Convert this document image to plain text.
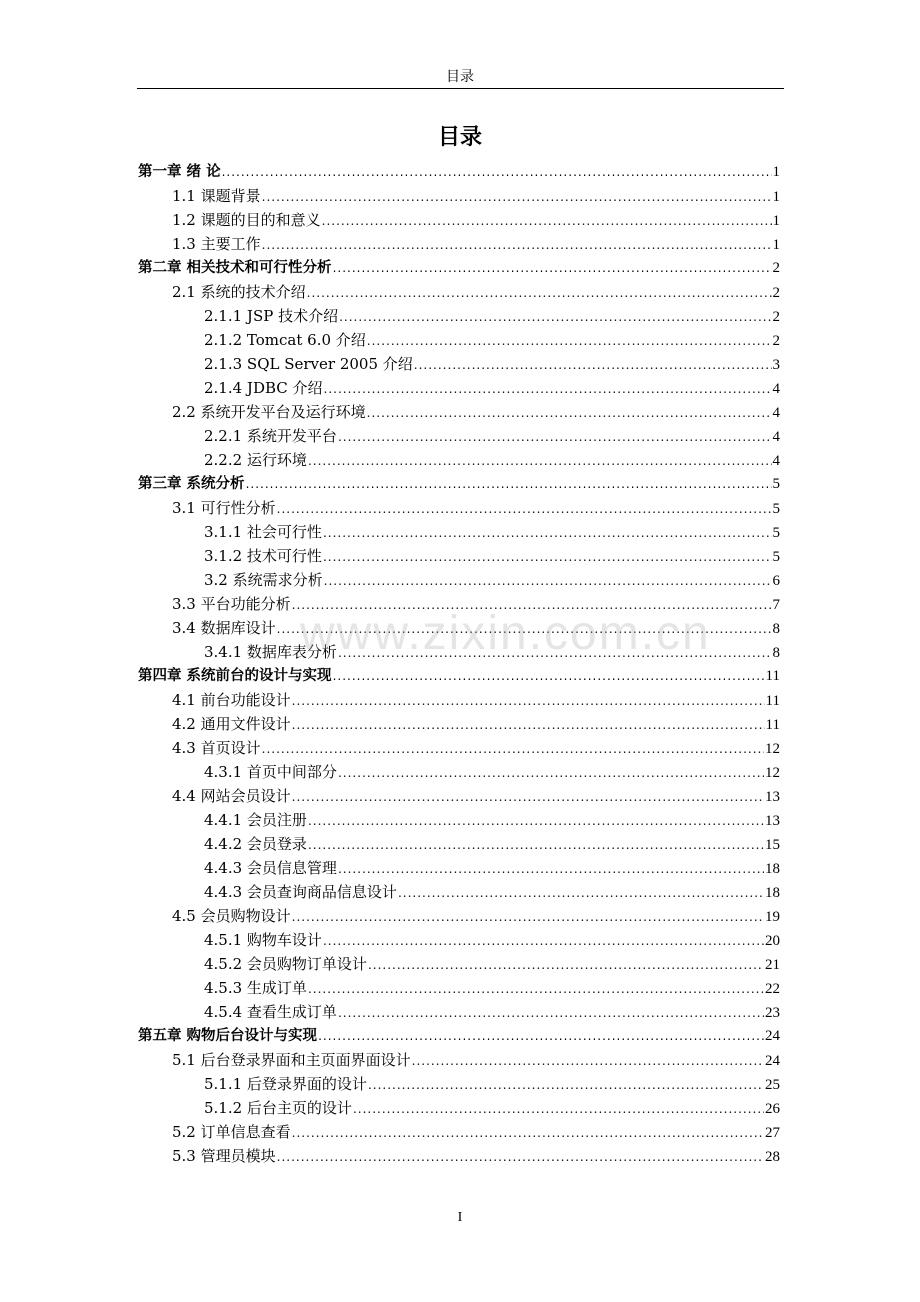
目录
目录
第一章 绪 论 .....	1
1.1 课题背景 .....	1
1.2 课题的目的和意义 .....	1
1.3 主要工作 .....	1
第二章 相关技术和可行性分析 .....	2
2.1 系统的技术介绍 .....	2
2.1.1 JSP 技术介绍 .....	2
2.1.2 Tomcat 6.0 介绍 .....	2
2.1.3 SQL Server 2005 介绍 .....	3
2.1.4 JDBC 介绍 .....	4
2.2 系统开发平台及运行环境 .....	4
2.2.1 系统开发平台 .....	4
2.2.2 运行环境 .....	4
第三章 系统分析 .....	5
3.1 可行性分析 .....	5
3.1.1 社会可行性 .....	5
3.1.2 技术可行性 .....	5
3.2 系统需求分析 .....	6
3.3 平台功能分析 .....	7
3.4 数据库设计 .....	8
3.4.1 数据库表分析 .....	8
第四章 系统前台的设计与实现 .....	11
4.1 前台功能设计 .....	11
4.2 通用文件设计 .....	11
4.3 首页设计 .....	12
4.3.1 首页中间部分 .....	12
4.4 网站会员设计 .....	13
4.4.1 会员注册 .....	13
4.4.2 会员登录 .....	15
4.4.3 会员信息管理 .....	18
4.4.3 会员查询商品信息设计 .....	18
4.5 会员购物设计 .....	19
4.5.1 购物车设计 .....	20
4.5.2 会员购物订单设计 .....	21
4.5.3 生成订单 .....	22
4.5.4 查看生成订单 .....	23
第五章 购物后台设计与实现 .....	24
5.1 后台登录界面和主页面界面设计 .....	24
5.1.1 后登录界面的设计 .....	25
5.1.2 后台主页的设计 .....	26
5.2 订单信息查看 .....	27
5.3 管理员模块 .....	28
www.zixin.com.cn
I
